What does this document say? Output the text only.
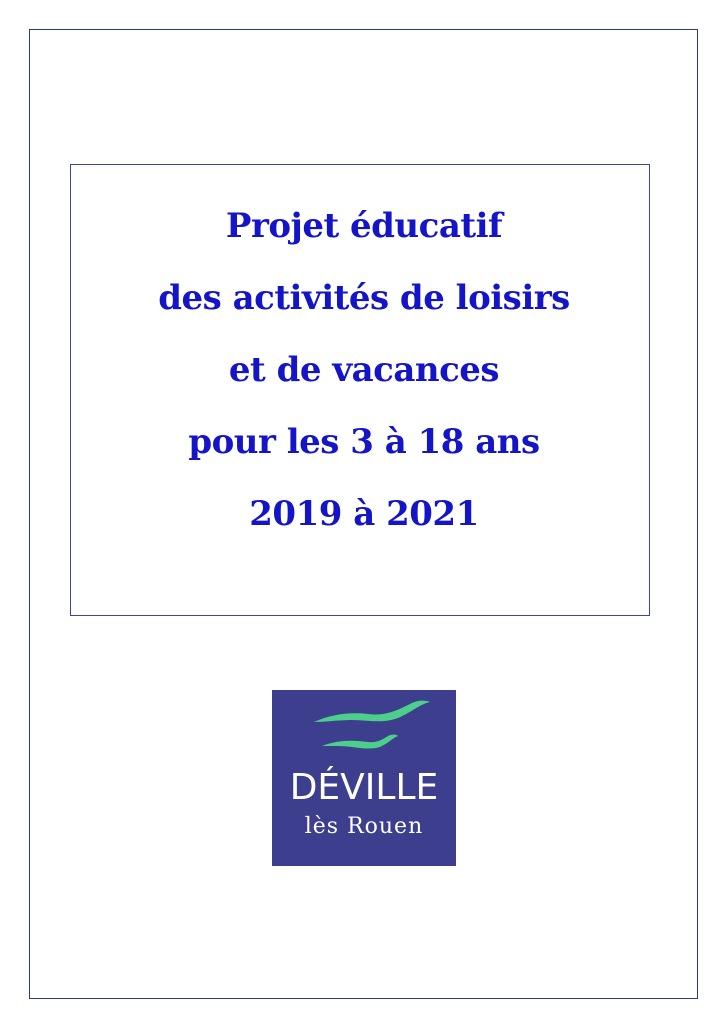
Projet éducatif
des activités de loisirs
et de vacances
pour les 3 à 18 ans
2019 à 2021
DÉVILLE
lès Rouen
